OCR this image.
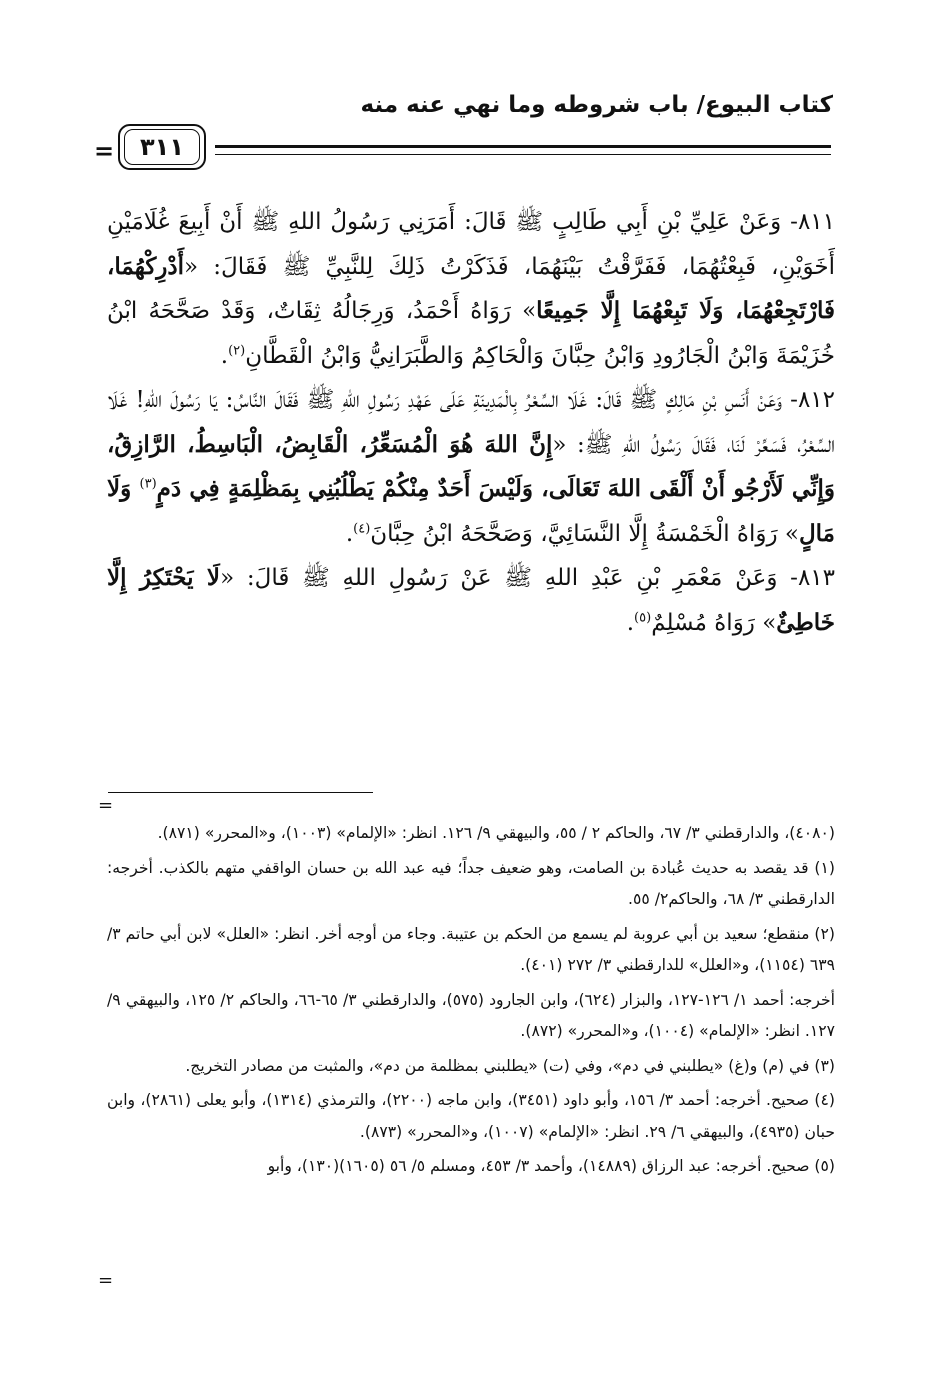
كتاب البيوع/ باب شروطه وما نهي عنه منه
٣١١
=

٨١١- وَعَنْ عَلِيِّ بْنِ أَبِي طَالِبٍ ﷺ قَالَ: أَمَرَنِي رَسُولُ اللهِ ﷺ أَنْ أَبِيعَ غُلَامَيْنِ أَخَوَيْنِ، فَبِعْتُهُمَا، فَفَرَّقْتُ بَيْنَهُمَا، فَذَكَرْتُ ذَلِكَ لِلنَّبِيِّ ﷺ فَقَالَ: «أَدْرِكْهُمَا، فَارْتَجِعْهُمَا، وَلَا تَبِعْهُمَا إِلَّا جَمِيعًا» رَوَاهُ أَحْمَدُ، وَرِجَالُهُ ثِقَاتٌ، وَقَدْ صَحَّحَهُ ابْنُ خُزَيْمَةَ وَابْنُ الْجَارُودِ وَابْنُ حِبَّانَ وَالْحَاكِمُ وَالطَّبَرَانِيُّ وَابْنُ الْقَطَّانِ$^{(٢)}$.

٨١٢- وَعَنْ أَنَسِ بْنِ مَالِكٍ ﷺ قَالَ: غَلَا السِّعْرُ بِالْمَدِينَةِ عَلَى عَهْدِ رَسُولِ اللهِ ﷺ فَقَالَ النَّاسُ: يَا رَسُولَ اللهِ! غَلَا السِّعْرُ، فَسَعِّرْ لَنَا، فَقَالَ رَسُولُ اللهِ ﷺ: «إِنَّ اللهَ هُوَ الْمُسَعِّرُ، الْقَابِضُ، الْبَاسِطُ، الرَّازِقُ، وَإِنِّي لَأَرْجُو أَنْ أَلْقَى اللهَ تَعَالَى، وَلَيْسَ أَحَدٌ مِنْكُمْ يَطْلُبُنِي بِمَظْلِمَةٍ فِي دَمٍ$^{(٣)}$ وَلَا مَالٍ» رَوَاهُ الْخَمْسَةُ إِلَّا النَّسَائِيَّ، وَصَحَّحَهُ ابْنُ حِبَّانَ$^{(٤)}$.

٨١٣- وَعَنْ مَعْمَرِ بْنِ عَبْدِ اللهِ ﷺ عَنْ رَسُولِ اللهِ ﷺ قَالَ: «لَا يَحْتَكِرُ إِلَّا خَاطِئٌ» رَوَاهُ مُسْلِمٌ$^{(٥)}$.

=

(٤٠٨٠)، والدارقطني ٣/ ٦٧، والحاكم ٢ / ٥٥، والبيهقي ٩/ ١٢٦. انظر: «الإلمام» (١٠٠٣)، و«المحرر» (٨٧١).

(١) قد يقصد به حديث عُبادة بن الصامت، وهو ضعيف جداً؛ فيه عبد الله بن حسان الواقفي متهم بالكذب. أخرجه: الدارقطني ٣/ ٦٨، والحاكم٢/ ٥٥.

(٢) منقطع؛ سعيد بن أبي عروبة لم يسمع من الحكم بن عتيبة. وجاء من أوجه أخر. انظر: «العلل» لابن أبي حاتم ٣/ ٦٣٩ (١١٥٤)، و«العلل» للدارقطني ٣/ ٢٧٢ (٤٠١).

أخرجه: أحمد ١/ ١٢٦-١٢٧، والبزار (٦٢٤)، وابن الجارود (٥٧٥)، والدارقطني ٣/ ٦٥-٦٦، والحاكم ٢/ ١٢٥، والبيهقي ٩/ ١٢٧. انظر: «الإلمام» (١٠٠٤)، و«المحرر» (٨٧٢).

(٣) في (م) و(غ) «يطلبني في دم»، وفي (ت) «يطلبني بمظلمة من دم»، والمثبت من مصادر التخريج.

(٤) صحيح. أخرجه: أحمد ٣/ ١٥٦، وأبو داود (٣٤٥١)، وابن ماجه (٢٢٠٠)، والترمذي (١٣١٤)، وأبو يعلى (٢٨٦١)، وابن حبان (٤٩٣٥)، والبيهقي ٦/ ٢٩. انظر: «الإلمام» (١٠٠٧)، و«المحرر» (٨٧٣).

(٥) صحيح. أخرجه: عبد الرزاق (١٤٨٨٩)، وأحمد ٣/ ٤٥٣، ومسلم ٥/ ٥٦ (١٦٠٥)(١٣٠)، وأبو

=
